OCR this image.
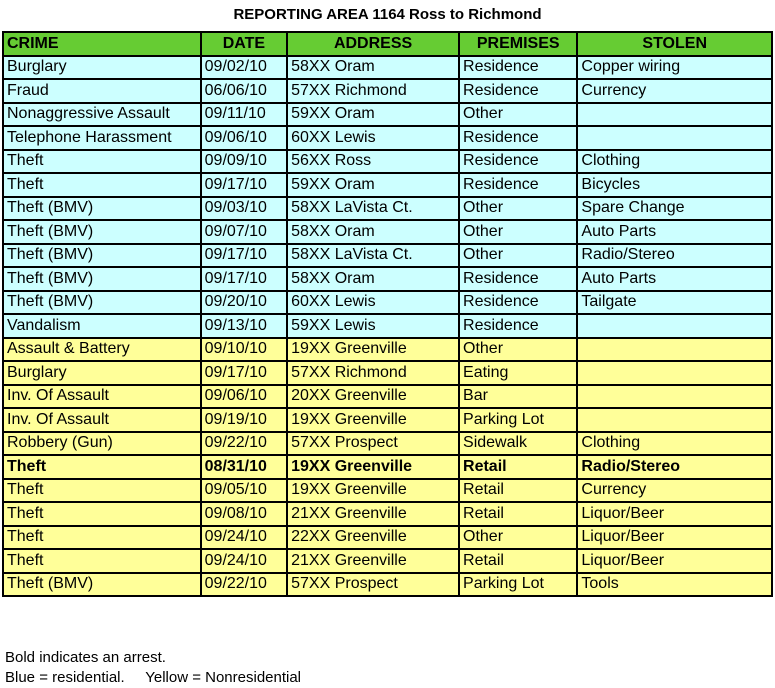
REPORTING AREA 1164 Ross to Richmond
CRIME	DATE	ADDRESS	PREMISES	STOLEN
Burglary	09/02/10	58XX Oram	Residence	Copper wiring
Fraud	06/06/10	57XX Richmond	Residence	Currency
Nonaggressive Assault	09/11/10	59XX Oram	Other	
Telephone Harassment	09/06/10	60XX Lewis	Residence	
Theft	09/09/10	56XX Ross	Residence	Clothing
Theft	09/17/10	59XX Oram	Residence	Bicycles
Theft (BMV)	09/03/10	58XX LaVista Ct.	Other	Spare Change
Theft (BMV)	09/07/10	58XX Oram	Other	Auto Parts
Theft (BMV)	09/17/10	58XX LaVista Ct.	Other	Radio/Stereo
Theft (BMV)	09/17/10	58XX Oram	Residence	Auto Parts
Theft (BMV)	09/20/10	60XX Lewis	Residence	Tailgate
Vandalism	09/13/10	59XX Lewis	Residence	
Assault & Battery	09/10/10	19XX Greenville	Other	
Burglary	09/17/10	57XX Richmond	Eating	
Inv. Of Assault	09/06/10	20XX Greenville	Bar	
Inv. Of Assault	09/19/10	19XX Greenville	Parking Lot	
Robbery (Gun)	09/22/10	57XX Prospect	Sidewalk	Clothing
Theft	08/31/10	19XX Greenville	Retail	Radio/Stereo
Theft	09/05/10	19XX Greenville	Retail	Currency
Theft	09/08/10	21XX Greenville	Retail	Liquor/Beer
Theft	09/24/10	22XX Greenville	Other	Liquor/Beer
Theft	09/24/10	21XX Greenville	Retail	Liquor/Beer
Theft (BMV)	09/22/10	57XX Prospect	Parking Lot	Tools
Bold indicates an arrest.
Blue = residential.     Yellow = Nonresidential
